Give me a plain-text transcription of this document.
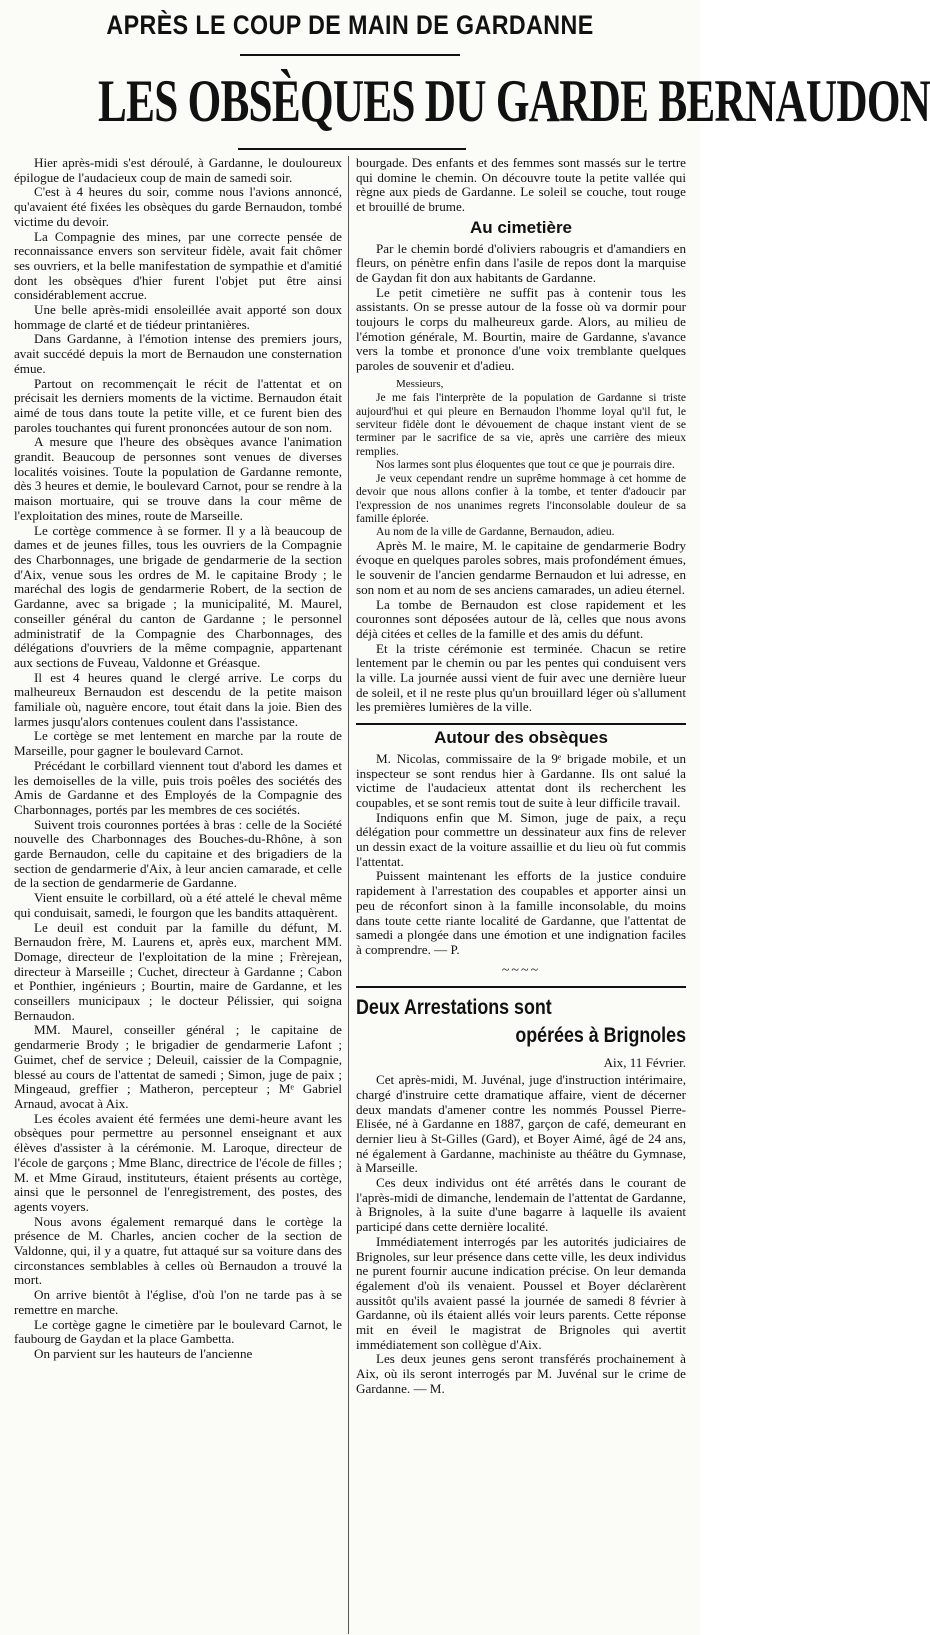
APRÈS LE COUP DE MAIN DE GARDANNE
LES OBSÈQUES DU GARDE BERNAUDON

Hier après-midi s'est déroulé, à Gardanne, le douloureux épilogue de l'audacieux coup de main de samedi soir.

C'est à 4 heures du soir, comme nous l'avions annoncé, qu'avaient été fixées les obsèques du garde Bernaudon, tombé victime du devoir.

La Compagnie des mines, par une correcte pensée de reconnaissance envers son serviteur fidèle, avait fait chômer ses ouvriers, et la belle manifestation de sympathie et d'amitié dont les obsèques d'hier furent l'objet put être ainsi considérablement accrue.

Une belle après-midi ensoleillée avait apporté son doux hommage de clarté et de tiédeur printanières.

Dans Gardanne, à l'émotion intense des premiers jours, avait succédé depuis la mort de Bernaudon une consternation émue.

Partout on recommençait le récit de l'attentat et on précisait les derniers moments de la victime. Bernaudon était aimé de tous dans toute la petite ville, et ce furent bien des paroles touchantes qui furent prononcées autour de son nom.

A mesure que l'heure des obsèques avance l'animation grandit. Beaucoup de personnes sont venues de diverses localités voisines. Toute la population de Gardanne remonte, dès 3 heures et demie, le boulevard Carnot, pour se rendre à la maison mortuaire, qui se trouve dans la cour même de l'exploitation des mines, route de Marseille.

Le cortège commence à se former. Il y a là beaucoup de dames et de jeunes filles, tous les ouvriers de la Compagnie des Charbonnages, une brigade de gendarmerie de la section d'Aix, venue sous les ordres de M. le capitaine Brody ; le maréchal des logis de gendarmerie Robert, de la section de Gardanne, avec sa brigade ; la municipalité, M. Maurel, conseiller général du canton de Gardanne ; le personnel administratif de la Compagnie des Charbonnages, des délégations d'ouvriers de la même compagnie, appartenant aux sections de Fuveau, Valdonne et Gréasque.

Il est 4 heures quand le clergé arrive. Le corps du malheureux Bernaudon est descendu de la petite maison familiale où, naguère encore, tout était dans la joie. Bien des larmes jusqu'alors contenues coulent dans l'assistance.

Le cortège se met lentement en marche par la route de Marseille, pour gagner le boulevard Carnot.

Précédant le corbillard viennent tout d'abord les dames et les demoiselles de la ville, puis trois poêles des sociétés des Amis de Gardanne et des Employés de la Compagnie des Charbonnages, portés par les membres de ces sociétés.

Suivent trois couronnes portées à bras : celle de la Société nouvelle des Charbonnages des Bouches-du-Rhône, à son garde Bernaudon, celle du capitaine et des brigadiers de la section de gendarmerie d'Aix, à leur ancien camarade, et celle de la section de gendarmerie de Gardanne.

Vient ensuite le corbillard, où a été attelé le cheval même qui conduisait, samedi, le fourgon que les bandits attaquèrent.

Le deuil est conduit par la famille du défunt, M. Bernaudon frère, M. Laurens et, après eux, marchent MM. Domage, directeur de l'exploitation de la mine ; Frèrejean, directeur à Marseille ; Cuchet, directeur à Gardanne ; Cabon et Ponthier, ingénieurs ; Bourtin, maire de Gardanne, et les conseillers municipaux ; le docteur Pélissier, qui soigna Bernaudon.

MM. Maurel, conseiller général ; le capitaine de gendarmerie Brody ; le brigadier de gendarmerie Lafont ; Guimet, chef de service ; Deleuil, caissier de la Compagnie, blessé au cours de l'attentat de samedi ; Simon, juge de paix ; Mingeaud, greffier ; Matheron, percepteur ; Mᵉ Gabriel Arnaud, avocat à Aix.

Les écoles avaient été fermées une demi-heure avant les obsèques pour permettre au personnel enseignant et aux élèves d'assister à la cérémonie. M. Laroque, directeur de l'école de garçons ; Mme Blanc, directrice de l'école de filles ; M. et Mme Giraud, instituteurs, étaient présents au cortège, ainsi que le personnel de l'enregistrement, des postes, des agents voyers.

Nous avons également remarqué dans le cortège la présence de M. Charles, ancien cocher de la section de Valdonne, qui, il y a quatre, fut attaqué sur sa voiture dans des circonstances semblables à celles où Bernaudon a trouvé la mort.

On arrive bientôt à l'église, d'où l'on ne tarde pas à se remettre en marche.

Le cortège gagne le cimetière par le boulevard Carnot, le faubourg de Gaydan et la place Gambetta.

On parvient sur les hauteurs de l'ancienne

bourgade. Des enfants et des femmes sont massés sur le tertre qui domine le chemin. On découvre toute la petite vallée qui règne aux pieds de Gardanne. Le soleil se couche, tout rouge et brouillé de brume.

Au cimetière

Par le chemin bordé d'oliviers rabougris et d'amandiers en fleurs, on pénètre enfin dans l'asile de repos dont la marquise de Gaydan fit don aux habitants de Gardanne.

Le petit cimetière ne suffit pas à contenir tous les assistants. On se presse autour de la fosse où va dormir pour toujours le corps du malheureux garde. Alors, au milieu de l'émotion générale, M. Bourtin, maire de Gardanne, s'avance vers la tombe et prononce d'une voix tremblante quelques paroles de souvenir et d'adieu.

Messieurs,

Je me fais l'interprète de la population de Gardanne si triste aujourd'hui et qui pleure en Bernaudon l'homme loyal qu'il fut, le serviteur fidèle dont le dévouement de chaque instant vient de se terminer par le sacrifice de sa vie, après une carrière des mieux remplies.

Nos larmes sont plus éloquentes que tout ce que je pourrais dire.

Je veux cependant rendre un suprême hommage à cet homme de devoir que nous allons confier à la tombe, et tenter d'adoucir par l'expression de nos unanimes regrets l'inconsolable douleur de sa famille éplorée.

Au nom de la ville de Gardanne, Bernaudon, adieu.

Après M. le maire, M. le capitaine de gendarmerie Bodry évoque en quelques paroles sobres, mais profondément émues, le souvenir de l'ancien gendarme Bernaudon et lui adresse, en son nom et au nom de ses anciens camarades, un adieu éternel.

La tombe de Bernaudon est close rapidement et les couronnes sont déposées autour de là, celles que nous avons déjà citées et celles de la famille et des amis du défunt.

Et la triste cérémonie est terminée. Chacun se retire lentement par le chemin ou par les pentes qui conduisent vers la ville. La journée aussi vient de fuir avec une dernière lueur de soleil, et il ne reste plus qu'un brouillard léger où s'allument les premières lumières de la ville.

Autour des obsèques

M. Nicolas, commissaire de la 9ᵉ brigade mobile, et un inspecteur se sont rendus hier à Gardanne. Ils ont salué la victime de l'audacieux attentat dont ils recherchent les coupables, et se sont remis tout de suite à leur difficile travail.

Indiquons enfin que M. Simon, juge de paix, a reçu délégation pour commettre un dessinateur aux fins de relever un dessin exact de la voiture assaillie et du lieu où fut commis l'attentat.

Puissent maintenant les efforts de la justice conduire rapidement à l'arrestation des coupables et apporter ainsi un peu de réconfort sinon à la famille inconsolable, du moins dans toute cette riante localité de Gardanne, que l'attentat de samedi a plongée dans une émotion et une indignation faciles à comprendre. — P.

~~~~
Deux Arrestations sont
opérées à Brignoles
Aix, 11 Février.

Cet après-midi, M. Juvénal, juge d'instruction intérimaire, chargé d'instruire cette dramatique affaire, vient de décerner deux mandats d'amener contre les nommés Poussel Pierre-Elisée, né à Gardanne en 1887, garçon de café, demeurant en dernier lieu à St-Gilles (Gard), et Boyer Aimé, âgé de 24 ans, né également à Gardanne, machiniste au théâtre du Gymnase, à Marseille.

Ces deux individus ont été arrêtés dans le courant de l'après-midi de dimanche, lendemain de l'attentat de Gardanne, à Brignoles, à la suite d'une bagarre à laquelle ils avaient participé dans cette dernière localité.

Immédiatement interrogés par les autorités judiciaires de Brignoles, sur leur présence dans cette ville, les deux individus ne purent fournir aucune indication précise. On leur demanda également d'où ils venaient. Poussel et Boyer déclarèrent aussitôt qu'ils avaient passé la journée de samedi 8 février à Gardanne, où ils étaient allés voir leurs parents. Cette réponse mit en éveil le magistrat de Brignoles qui avertit immédiatement son collègue d'Aix.

Les deux jeunes gens seront transférés prochainement à Aix, où ils seront interrogés par M. Juvénal sur le crime de Gardanne. — M.
